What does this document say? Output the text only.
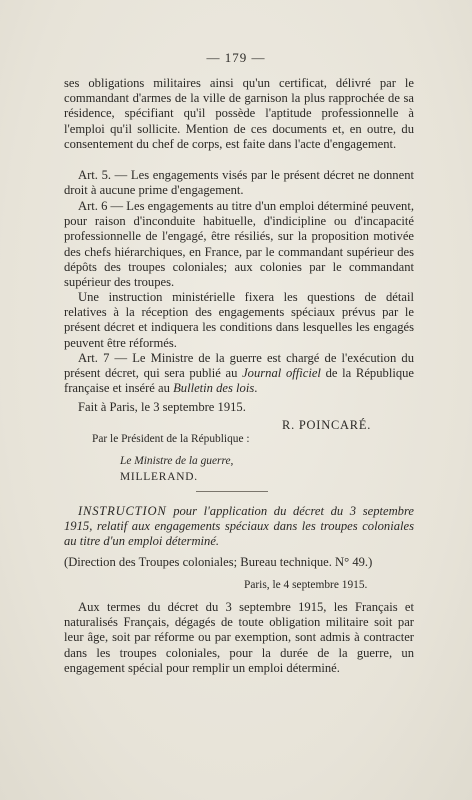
— 179 —
ses obligations militaires ainsi qu'un certificat, délivré par le commandant d'armes de la ville de garnison la plus rapprochée de sa résidence, spécifiant qu'il possède l'aptitude professionnelle à l'emploi qu'il sollicite. Mention de ces documents et, en outre, du consentement du chef de corps, est faite dans l'acte d'engagement.
Art. 5. — Les engagements visés par le présent décret ne donnent droit à aucune prime d'engagement.
Art. 6 — Les engagements au titre d'un emploi déterminé peuvent, pour raison d'inconduite habituelle, d'indicipline ou d'incapacité professionnelle de l'engagé, être résiliés, sur la proposition motivée des chefs hiérarchiques, en France, par le commandant supérieur des dépôts des troupes coloniales; aux colonies par le commandant supérieur des troupes.
Une instruction ministérielle fixera les questions de détail relatives à la réception des engagements spéciaux prévus par le présent décret et indiquera les conditions dans lesquelles les engagés peuvent être réformés.
Art. 7 — Le Ministre de la guerre est chargé de l'exécution du présent décret, qui sera publié au Journal officiel de la République française et inséré au Bulletin des lois.
Fait à Paris, le 3 septembre 1915.
R. POINCARÉ.
Par le Président de la République :
Le Ministre de la guerre,
MILLERAND.
INSTRUCTION pour l'application du décret du 3 septembre 1915, relatif aux engagements spéciaux dans les troupes coloniales au titre d'un emploi déterminé.
(Direction des Troupes coloniales; Bureau technique. N° 49.)
Paris, le 4 septembre 1915.
Aux termes du décret du 3 septembre 1915, les Français et naturalisés Français, dégagés de toute obligation militaire soit par leur âge, soit par réforme ou par exemption, sont admis à contracter dans les troupes coloniales, pour la durée de la guerre, un engagement spécial pour remplir un emploi déterminé.
